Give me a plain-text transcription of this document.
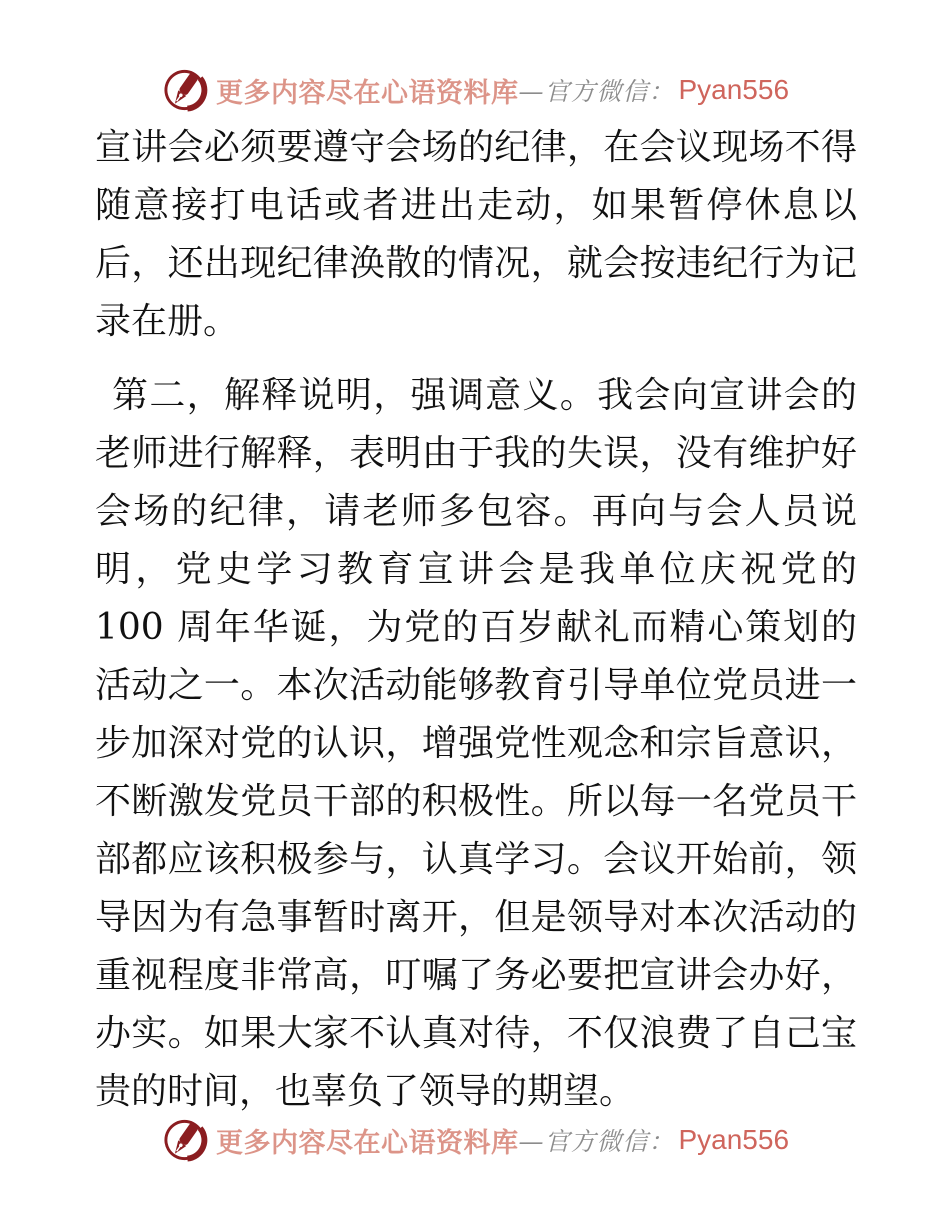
更多内容尽在心语资料库 —官方微信： Pyan556

宣讲会必须要遵守会场的纪律，在会议现场不得随意接打电话或者进出走动，如果暂停休息以后，还出现纪律涣散的情况，就会按违纪行为记录在册。

第二，解释说明，强调意义。我会向宣讲会的老师进行解释，表明由于我的失误，没有维护好会场的纪律，请老师多包容。再向与会人员说明，党史学习教育宣讲会是我单位庆祝党的 100 周年华诞，为党的百岁献礼而精心策划的活动之一。本次活动能够教育引导单位党员进一步加深对党的认识，增强党性观念和宗旨意识，不断激发党员干部的积极性。所以每一名党员干部都应该积极参与，认真学习。会议开始前，领导因为有急事暂时离开，但是领导对本次活动的重视程度非常高，叮嘱了务必要把宣讲会办好，办实。如果大家不认真对待，不仅浪费了自己宝贵的时间，也辜负了领导的期望。

更多内容尽在心语资料库 —官方微信： Pyan556
